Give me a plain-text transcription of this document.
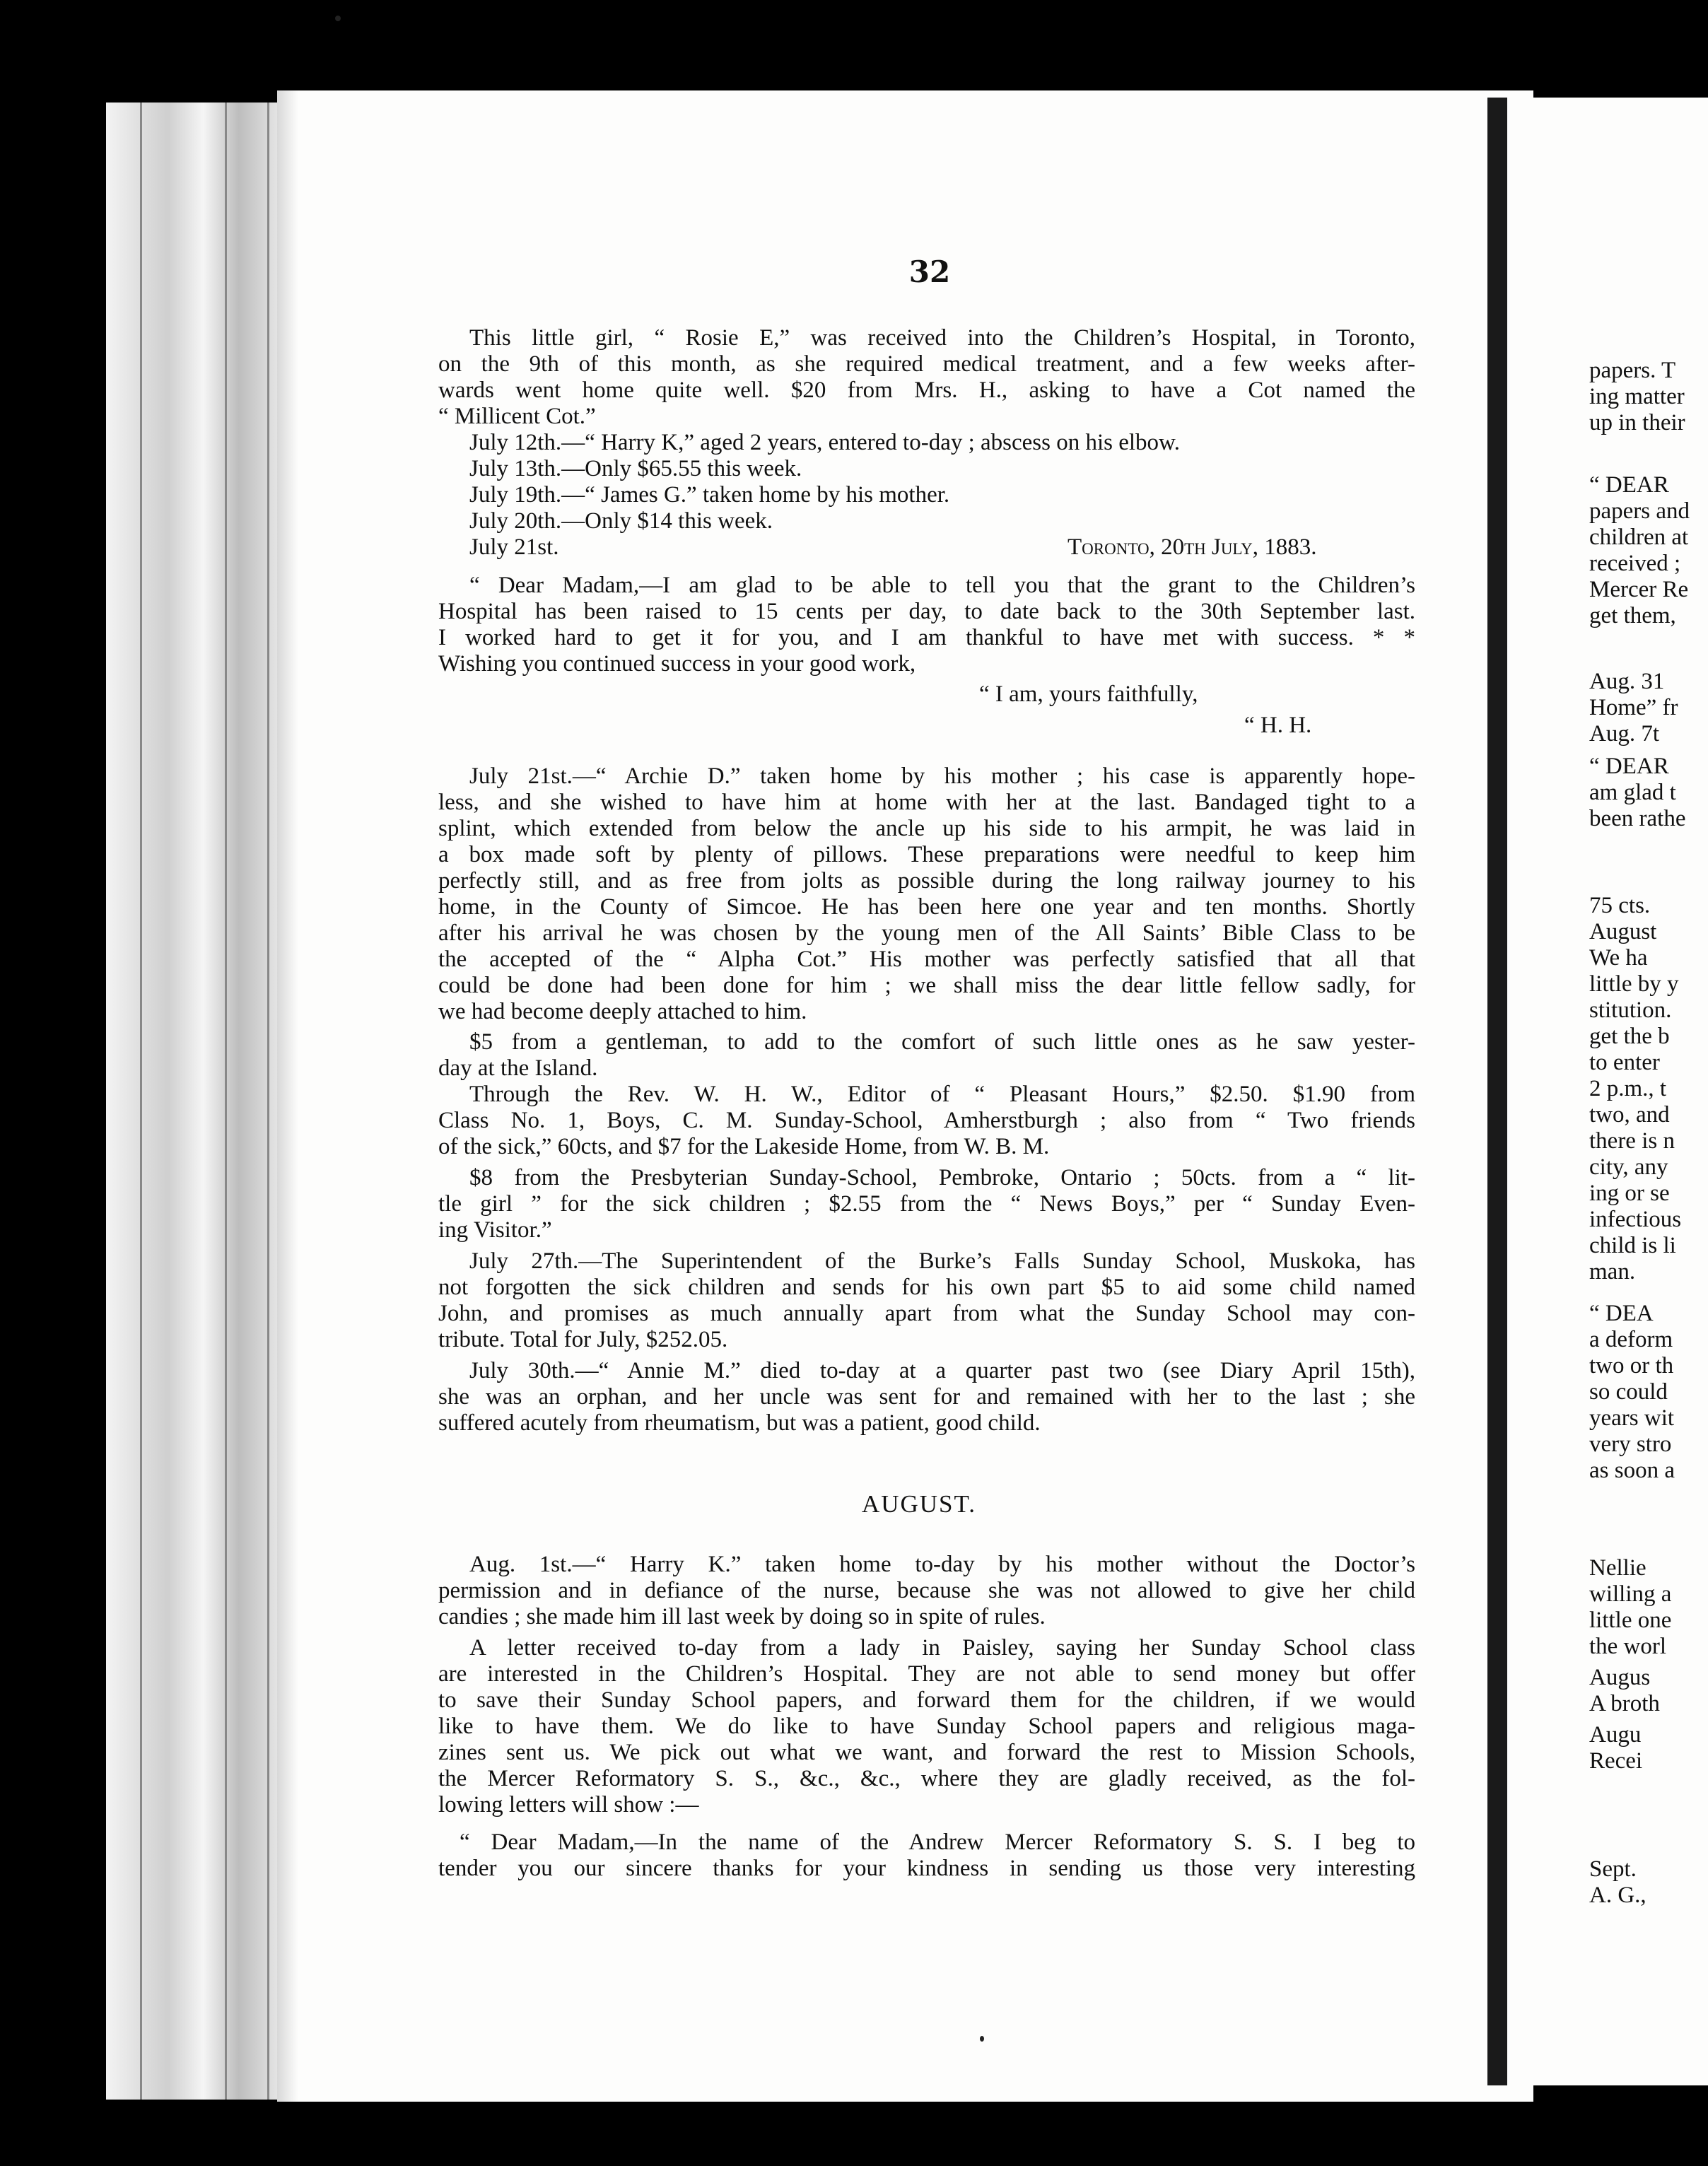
32
This little girl, “ Rosie E,” was received into the Children’s Hospital, in Toronto,
on the 9th of this month, as she required medical treatment, and a few weeks after-
wards went home quite well. $20 from Mrs. H., asking to have a Cot named the
“ Millicent Cot.”
July 12th.—“ Harry K,” aged 2 years, entered to-day ; abscess on his elbow.
July 13th.—Only $65.55 this week.
July 19th.—“ James G.” taken home by his mother.
July 20th.—Only $14 this week.
July 21st.
“ Dear Madam,—I am glad to be able to tell you that the grant to the Children’s
Hospital has been raised to 15 cents per day, to date back to the 30th September last.
I worked hard to get it for you, and I am thankful to have met with success. * *
Wishing you continued success in your good work,
July 21st.—“ Archie D.” taken home by his mother ; his case is apparently hope-
less, and she wished to have him at home with her at the last. Bandaged tight to a
splint, which extended from below the ancle up his side to his armpit, he was laid in
a box made soft by plenty of pillows. These preparations were needful to keep him
perfectly still, and as free from jolts as possible during the long railway journey to his
home, in the County of Simcoe. He has been here one year and ten months. Shortly
after his arrival he was chosen by the young men of the All Saints’ Bible Class to be
the accepted of the “ Alpha Cot.” His mother was perfectly satisfied that all that
could be done had been done for him ; we shall miss the dear little fellow sadly, for
we had become deeply attached to him.
$5 from a gentleman, to add to the comfort of such little ones as he saw yester-
day at the Island.
Through the Rev. W. H. W., Editor of “ Pleasant Hours,” $2.50. $1.90 from
Class No. 1, Boys, C. M. Sunday-School, Amherstburgh ; also from “ Two friends
of the sick,” 60cts, and $7 for the Lakeside Home, from W. B. M.
$8 from the Presbyterian Sunday-School, Pembroke, Ontario ; 50cts. from a “ lit-
tle girl ” for the sick children ; $2.55 from the “ News Boys,” per “ Sunday Even-
ing Visitor.”
July 27th.—The Superintendent of the Burke’s Falls Sunday School, Muskoka, has
not forgotten the sick children and sends for his own part $5 to aid some child named
John, and promises as much annually apart from what the Sunday School may con-
tribute. Total for July, $252.05.
July 30th.—“ Annie M.” died to-day at a quarter past two (see Diary April 15th),
she was an orphan, and her uncle was sent for and remained with her to the last ; she
suffered acutely from rheumatism, but was a patient, good child.
Aug. 1st.—“ Harry K.” taken home to-day by his mother without the Doctor’s
permission and in defiance of the nurse, because she was not allowed to give her child
candies ; she made him ill last week by doing so in spite of rules.
A letter received to-day from a lady in Paisley, saying her Sunday School class
are interested in the Children’s Hospital. They are not able to send money but offer
to save their Sunday School papers, and forward them for the children, if we would
like to have them. We do like to have Sunday School papers and religious maga-
zines sent us. We pick out what we want, and forward the rest to Mission Schools,
the Mercer Reformatory S. S., &c., &c., where they are gladly received, as the fol-
lowing letters will show :—
“ Dear Madam,—In the name of the Andrew Mercer Reformatory S. S. I beg to
tender you our sincere thanks for your kindness in sending us those very interesting
Toronto, 20th July, 1883.
“ I am, yours faithfully,
“ H. H.
AUGUST.
papers. T
ing matter
up in their
“ DEAR
papers and
children at
received ;
Mercer Re
get them,
Aug. 31
Home” fr
Aug. 7t
“ DEAR
am glad t
been rathe
75 cts.
August
We ha
little by y
stitution.
get the b
to enter
2 p.m., t
two, and
there is n
city, any
ing or se
infectious
child is li
man.
“ DEA
a deform
two or th
so could
years wit
very stro
as soon a
Nellie
willing a
little one
the worl
Augus
A broth
Augu
Recei
Sept.
A. G.,
